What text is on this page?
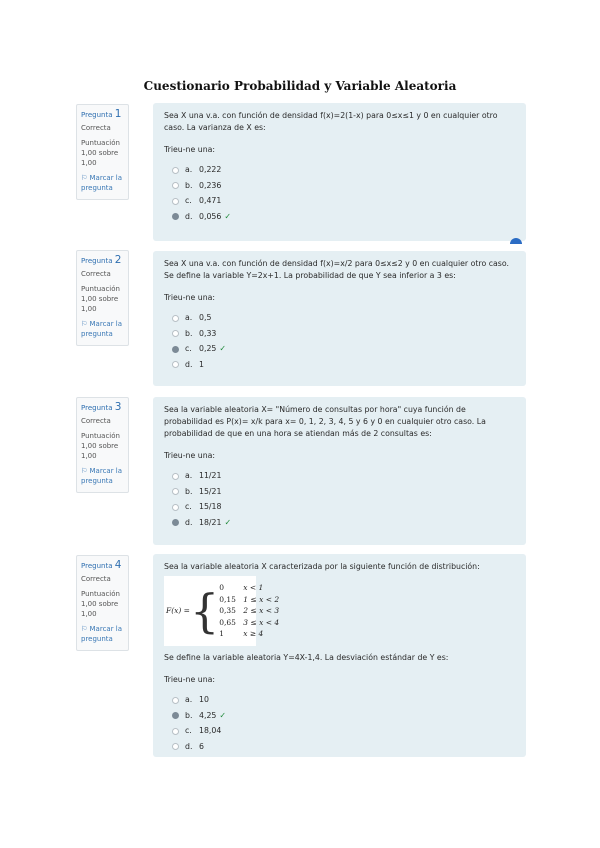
Cuestionario Probabilidad y Variable Aleatoria
Pregunta 1
Correcta
Puntuación 1,00 sobre 1,00
⚐ Marcar la pregunta
Sea X una v.a. con función de densidad f(x)=2(1-x) para 0≤x≤1 y 0 en cualquier otro caso. La varianza de X es:
Trieu-ne una:
a. 0,222
b. 0,236
c. 0,471
d. 0,056 ✓
Pregunta 2
Correcta
Puntuación 1,00 sobre 1,00
⚐ Marcar la pregunta
Sea X una v.a. con función de densidad f(x)=x/2 para 0≤x≤2 y 0 en cualquier otro caso. Se define la variable Y=2x+1. La probabilidad de que Y sea inferior a 3 es:
Trieu-ne una:
a. 0,5
b. 0,33
c. 0,25 ✓
d. 1
Pregunta 3
Correcta
Puntuación 1,00 sobre 1,00
⚐ Marcar la pregunta
Sea la variable aleatoria X= "Número de consultas por hora" cuya función de probabilidad es P(x)= x/k para x= 0, 1, 2, 3, 4, 5 y 6 y 0 en cualquier otro caso. La probabilidad de que en una hora se atiendan más de 2 consultas es:
Trieu-ne una:
a. 11/21
b. 15/21
c. 15/18
d. 18/21 ✓
Pregunta 4
Correcta
Puntuación 1,00 sobre 1,00
⚐ Marcar la pregunta
Sea la variable aleatoria X caracterizada por la siguiente función de distribución:
F(x) = { 0	x < 1
0,15 1 ≤ x < 2
0,35 2 ≤ x < 3
0,65 3 ≤ x < 4
1	x ≥ 4
Se define la variable aleatoria Y=4X-1,4. La desviación estándar de Y es:
Trieu-ne una:
a. 10
b. 4,25 ✓
c. 18,04
d. 6
